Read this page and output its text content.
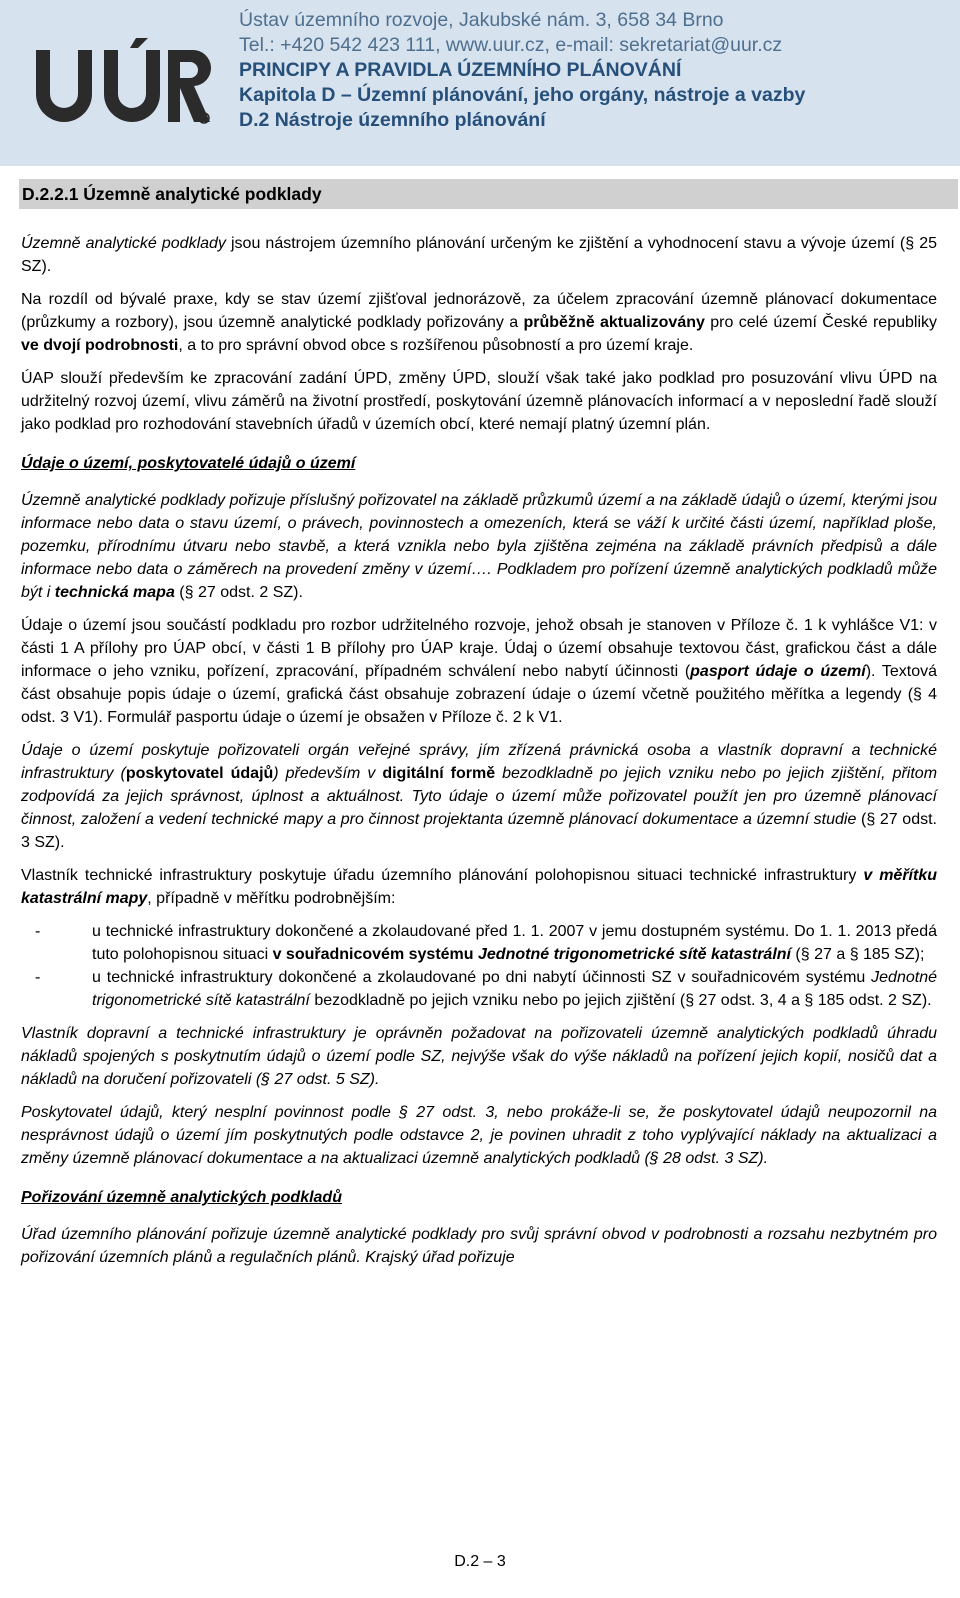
Ústav územního rozvoje, Jakubské nám. 3, 658 34 Brno
Tel.: +420 542 423 111, www.uur.cz, e-mail: sekretariat@uur.cz
PRINCIPY A PRAVIDLA ÚZEMNÍHO PLÁNOVÁNÍ
Kapitola D – Územní plánování, jeho orgány, nástroje a vazby
D.2 Nástroje územního plánování
D.2.2.1 Územně analytické podklady

Územně analytické podklady jsou nástrojem územního plánování určeným ke zjištění a vyhodnocení stavu a vývoje území (§ 25 SZ).

Na rozdíl od bývalé praxe, kdy se stav území zjišťoval jednorázově, za účelem zpracování územně plánovací dokumentace (průzkumy a rozbory), jsou územně analytické podklady pořizovány a průběžně aktualizovány pro celé území České republiky ve dvojí podrobnosti, a to pro správní obvod obce s rozšířenou působností a pro území kraje.

ÚAP slouží především ke zpracování zadání ÚPD, změny ÚPD, slouží však také jako podklad pro posuzování vlivu ÚPD na udržitelný rozvoj území, vlivu záměrů na životní prostředí, poskytování územně plánovacích informací a v neposlední řadě slouží jako podklad pro rozhodování stavebních úřadů v územích obcí, které nemají platný územní plán.

Údaje o území, poskytovatelé údajů o území

Územně analytické podklady pořizuje příslušný pořizovatel na základě průzkumů území a na základě údajů o území, kterými jsou informace nebo data o stavu území, o právech, povinnostech a omezeních, která se váží k určité části území, například ploše, pozemku, přírodnímu útvaru nebo stavbě, a která vznikla nebo byla zjištěna zejména na základě právních předpisů a dále informace nebo data o záměrech na provedení změny v území…. Podkladem pro pořízení územně analytických podkladů může být i technická mapa (§ 27 odst. 2 SZ).

Údaje o území jsou součástí podkladu pro rozbor udržitelného rozvoje, jehož obsah je stanoven v Příloze č. 1 k vyhlášce V1: v části 1 A přílohy pro ÚAP obcí, v části 1 B přílohy pro ÚAP kraje. Údaj o území obsahuje textovou část, grafickou část a dále informace o jeho vzniku, pořízení, zpracování, případném schválení nebo nabytí účinnosti (pasport údaje o území). Textová část obsahuje popis údaje o území, grafická část obsahuje zobrazení údaje o území včetně použitého měřítka a legendy (§ 4 odst. 3 V1). Formulář pasportu údaje o území je obsažen v Příloze č. 2 k V1.

Údaje o území poskytuje pořizovateli orgán veřejné správy, jím zřízená právnická osoba a vlastník dopravní a technické infrastruktury (poskytovatel údajů) především v digitální formě bezodkladně po jejich vzniku nebo po jejich zjištění, přitom zodpovídá za jejich správnost, úplnost a aktuálnost. Tyto údaje o území může pořizovatel použít jen pro územně plánovací činnost, založení a vedení technické mapy a pro činnost projektanta územně plánovací dokumentace a územní studie (§ 27 odst. 3 SZ).

Vlastník technické infrastruktury poskytuje úřadu územního plánování polohopisnou situaci technické infrastruktury v měřítku katastrální mapy, případně v měřítku podrobnějším:

-	u technické infrastruktury dokončené a zkolaudované před 1. 1. 2007 v jemu dostupném systému. Do 1. 1. 2013 předá tuto polohopisnou situaci v souřadnicovém systému Jednotné trigonometrické sítě katastrální (§ 27 a § 185 SZ);
-	u technické infrastruktury dokončené a zkolaudované po dni nabytí účinnosti SZ v souřadnicovém systému Jednotné trigonometrické sítě katastrální bezodkladně po jejich vzniku nebo po jejich zjištění (§ 27 odst. 3, 4 a § 185 odst. 2 SZ).

Vlastník dopravní a technické infrastruktury je oprávněn požadovat na pořizovateli územně analytických podkladů úhradu nákladů spojených s poskytnutím údajů o území podle SZ, nejvýše však do výše nákladů na pořízení jejich kopií, nosičů dat a nákladů na doručení pořizovateli (§ 27 odst. 5 SZ).

Poskytovatel údajů, který nesplní povinnost podle § 27 odst. 3, nebo prokáže-li se, že poskytovatel údajů neupozornil na nesprávnost údajů o území jím poskytnutých podle odstavce 2, je povinen uhradit z toho vyplývající náklady na aktualizaci a změny územně plánovací dokumentace a na aktualizaci územně analytických podkladů (§ 28 odst. 3 SZ).

Pořizování územně analytických podkladů

Úřad územního plánování pořizuje územně analytické podklady pro svůj správní obvod v podrobnosti a rozsahu nezbytném pro pořizování územních plánů a regulačních plánů. Krajský úřad pořizuje

D.2 – 3
